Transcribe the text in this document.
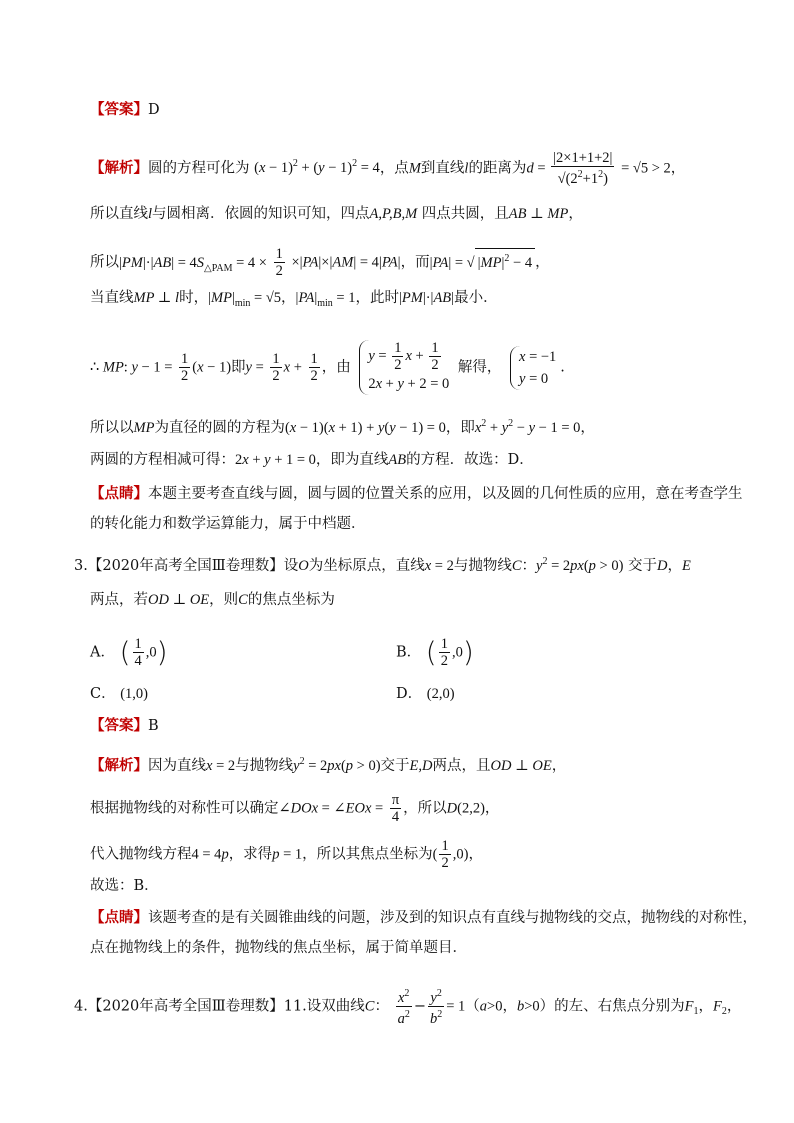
【答案】D
【解析】圆的方程可化为 $(x - 1)^2 + (y - 1)^2 = 4$，点M到直线l的距离为$d = \frac{|2\times 1+1+2|}{√(2^2+1^2)} = √5 > 2$，
所以直线l与圆相离．依圆的知识可知，四点A,P,B,M 四点共圆，且AB ⊥ MP，
所以$|PM|\cdot|AB| = 4S_{\triangle PAM} = 4 \times \frac{1}{2} \times|PA|\times|AM| = 4|PA|$，而|PA| = √ $|MP|^2 - 4$ ，
当直线MP ⊥ l时，$|MP|_{min} = √5$，$|PA|_{min} = 1$，此时|PM|·|AB|最小．
∴ MP: $y - 1 = \frac{1}{2} (x - 1)$即$y = \frac{1}{2}$ $x + \frac{1}{2}$ ，由
$y = \frac{1}{2}$ $x + \frac{1}{2}$
2x + y + 2 = 0
解得，
x = −1
y = 0
.
所以以MP为直径的圆的方程为(x − 1)(x + 1) + y(y − 1) = 0，即$x^2 + y^2 - y - 1 = 0$，
两圆的方程相减可得：2x + y + 1 = 0，即为直线AB的方程．故选：D．
【点睛】本题主要考查直线与圆，圆与圆的位置关系的应用，以及圆的几何性质的应用，意在考查学生
的转化能力和数学运算能力，属于中档题．
3.【2020年高考全国Ⅲ卷理数】设O为坐标原点，直线x = 2与抛物线C：$y^2 = 2px(p > 0)$ 交于D，E
两点，若OD ⊥ OE，则C的焦点坐标为
A． ( $\frac{1}{4} ,0$)	B． ( $\frac{1}{2} ,0$)
C． (1,0)	D． (2,0)
【答案】B
【解析】因为直线x = 2与抛物线$y^2 = 2px(p > 0)$交于E,D两点，且OD ⊥ OE，
根据抛物线的对称性可以确定∠DOx = ∠EOx = $\frac{\pi}{4}$ ，所以D(2,2)，
代入抛物线方程4 = 4p，求得p = 1，所以其焦点坐标为( $\frac{1}{2} ,0$)，
故选：B．
【点睛】该题考查的是有关圆锥曲线的问题，涉及到的知识点有直线与抛物线的交点，抛物线的对称性，
点在抛物线上的条件，抛物线的焦点坐标，属于简单题目．
4.【2020年高考全国Ⅲ卷理数】11.设双曲线C： $\frac{x^2}{a^2} - \frac{y^2}{b^2} = 1(a>0$，b>0）的左、右焦点分别为$F_1$，$F_2$，
